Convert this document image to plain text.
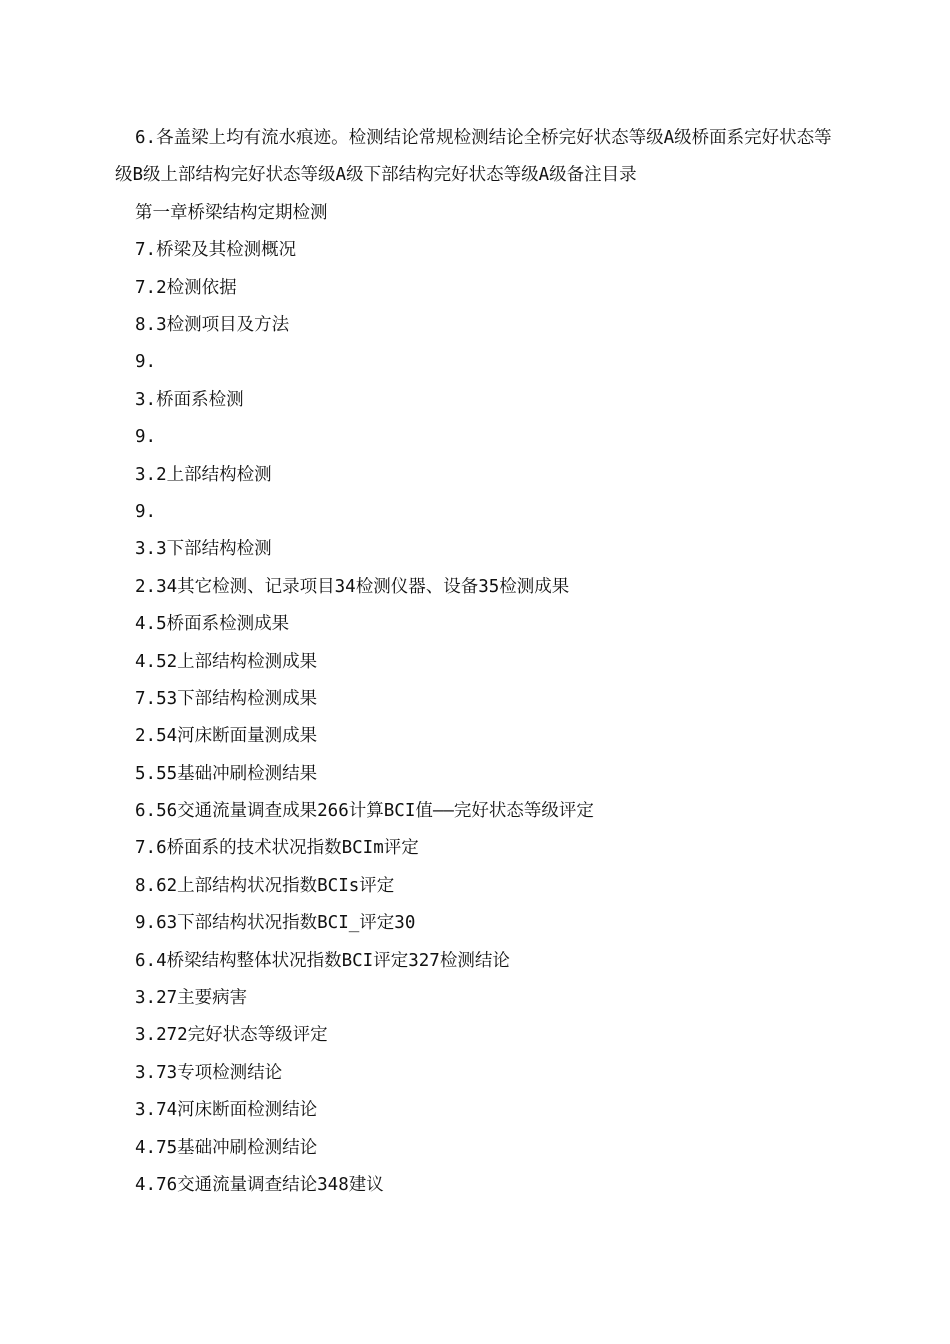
6.各盖梁上均有流水痕迹。检测结论常规检测结论全桥完好状态等级A级桥面系完好状态等级B级上部结构完好状态等级A级下部结构完好状态等级A级备注目录

第一章桥梁结构定期检测

7.桥梁及其检测概况

7.2检测依据

8.3检测项目及方法

9.

3.桥面系检测

9.

3.2上部结构检测

9.

3.3下部结构检测

2.34其它检测、记录项目34检测仪器、设备35检测成果

4.5桥面系检测成果

4.52上部结构检测成果

7.53下部结构检测成果

2.54河床断面量测成果

5.55基础冲刷检测结果

6.56交通流量调查成果266计算BCI值——完好状态等级评定

7.6桥面系的技术状况指数BCIm评定

8.62上部结构状况指数BCIs评定

9.63下部结构状况指数BCI_评定30

6.4桥梁结构整体状况指数BCI评定327检测结论

3.27主要病害

3.272完好状态等级评定

3.73专项检测结论

3.74河床断面检测结论

4.75基础冲刷检测结论

4.76交通流量调查结论348建议
